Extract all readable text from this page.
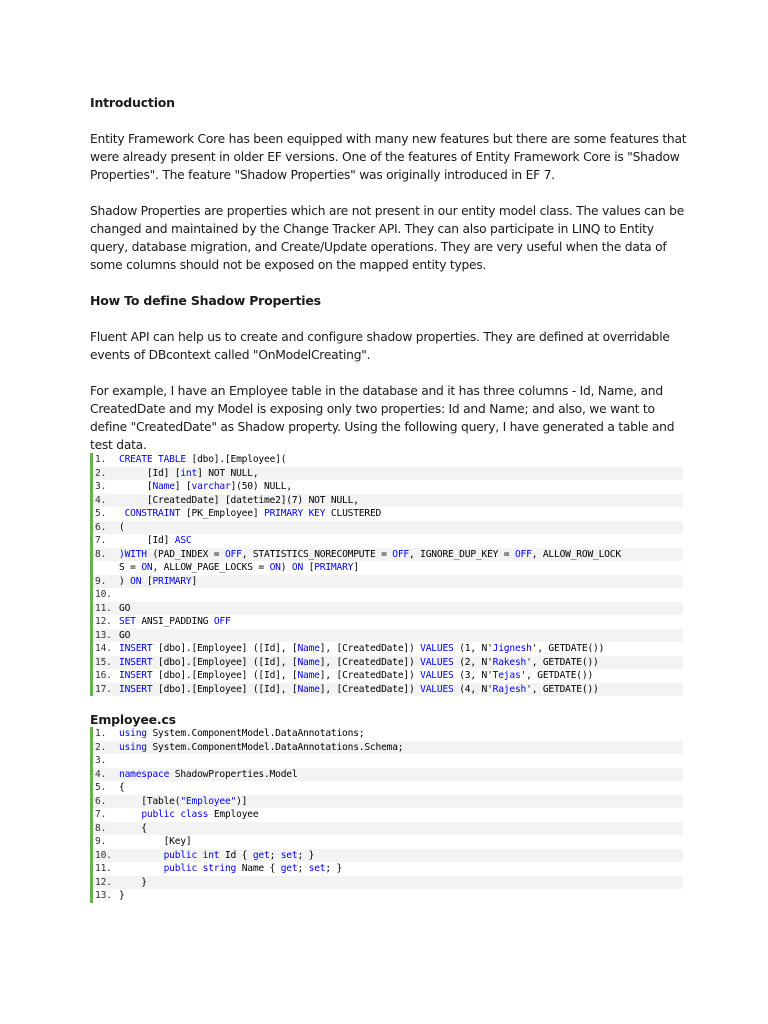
Introduction
Entity Framework Core has been equipped with many new features but there are some features that
were already present in older EF versions. One of the features of Entity Framework Core is "Shadow
Properties". The feature "Shadow Properties" was originally introduced in EF 7.
Shadow Properties are properties which are not present in our entity model class. The values can be
changed and maintained by the Change Tracker API. They can also participate in LINQ to Entity
query, database migration, and Create/Update operations. They are very useful when the data of
some columns should not be exposed on the mapped entity types.
How To define Shadow Properties
Fluent API can help us to create and configure shadow properties. They are defined at overridable
events of DBcontext called "OnModelCreating".
For example, I have an Employee table in the database and it has three columns - Id, Name, and
CreatedDate and my Model is exposing only two properties: Id and Name; and also, we want to
define "CreatedDate" as Shadow property. Using the following query, I have generated a table and
test data.
1. CREATE TABLE [dbo].[Employee](
2.     [Id] [int] NOT NULL,
3.     [Name] [varchar](50) NULL,
4.     [CreatedDate] [datetime2](7) NOT NULL,
5. CONSTRAINT [PK_Employee] PRIMARY KEY CLUSTERED
6. (
7.     [Id] ASC
8. )WITH (PAD_INDEX = OFF, STATISTICS_NORECOMPUTE = OFF, IGNORE_DUP_KEY = OFF, ALLOW_ROW_LOCK
S = ON, ALLOW_PAGE_LOCKS = ON) ON [PRIMARY]
9. ) ON [PRIMARY]
10.
11. GO
12. SET ANSI_PADDING OFF
13. GO
14. INSERT [dbo].[Employee] ([Id], [Name], [CreatedDate]) VALUES (1, N'Jignesh', GETDATE())
15. INSERT [dbo].[Employee] ([Id], [Name], [CreatedDate]) VALUES (2, N'Rakesh', GETDATE())
16. INSERT [dbo].[Employee] ([Id], [Name], [CreatedDate]) VALUES (3, N'Tejas', GETDATE())
17. INSERT [dbo].[Employee] ([Id], [Name], [CreatedDate]) VALUES (4, N'Rajesh', GETDATE())
Employee.cs
1. using System.ComponentModel.DataAnnotations;
2. using System.ComponentModel.DataAnnotations.Schema;
3.
4. namespace ShadowProperties.Model
5. {
6.    [Table("Employee")]
7.	public class Employee
8.    {
9.        [Key]
10.	public int Id { get; set; }
11.	public string Name { get; set; }
12.    }
13. }
